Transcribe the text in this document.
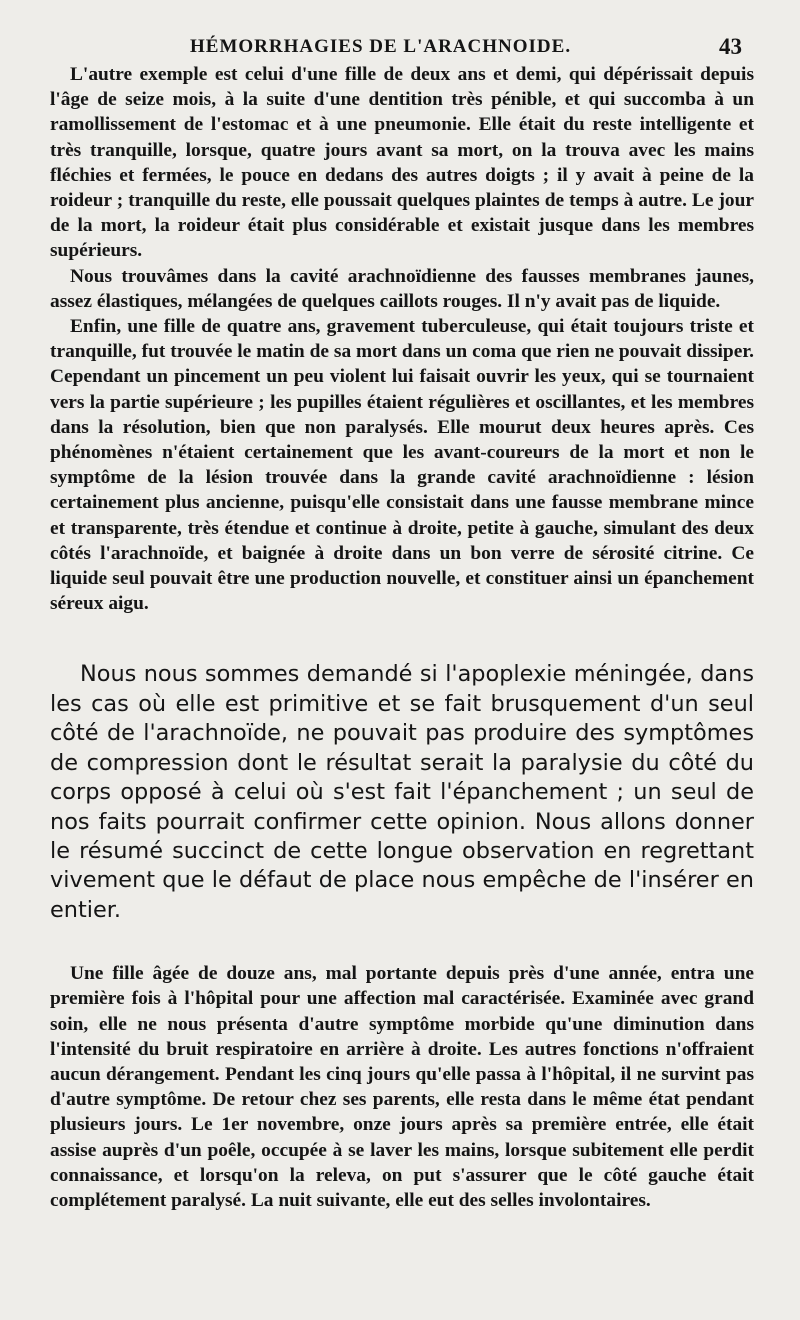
HÉMORRHAGIES DE L'ARACHNOIDE.	43

L'autre exemple est celui d'une fille de deux ans et demi, qui dépérissait depuis l'âge de seize mois, à la suite d'une dentition très pénible, et qui succomba à un ramollissement de l'estomac et à une pneumonie. Elle était du reste intelligente et très tranquille, lorsque, quatre jours avant sa mort, on la trouva avec les mains fléchies et fermées, le pouce en dedans des autres doigts ; il y avait à peine de la roideur ; tranquille du reste, elle poussait quelques plaintes de temps à autre. Le jour de la mort, la roideur était plus considérable et existait jusque dans les membres supérieurs.

Nous trouvâmes dans la cavité arachnoïdienne des fausses membranes jaunes, assez élastiques, mélangées de quelques caillots rouges. Il n'y avait pas de liquide.

Enfin, une fille de quatre ans, gravement tuberculeuse, qui était toujours triste et tranquille, fut trouvée le matin de sa mort dans un coma que rien ne pouvait dissiper. Cependant un pincement un peu violent lui faisait ouvrir les yeux, qui se tournaient vers la partie supérieure ; les pupilles étaient régulières et oscillantes, et les membres dans la résolution, bien que non paralysés. Elle mourut deux heures après. Ces phénomènes n'étaient certainement que les avant-coureurs de la mort et non le symptôme de la lésion trouvée dans la grande cavité arachnoïdienne : lésion certainement plus ancienne, puisqu'elle consistait dans une fausse membrane mince et transparente, très étendue et continue à droite, petite à gauche, simulant des deux côtés l'arachnoïde, et baignée à droite dans un bon verre de sérosité citrine. Ce liquide seul pouvait être une production nouvelle, et constituer ainsi un épanchement séreux aigu.

Nous nous sommes demandé si l'apoplexie méningée, dans les cas où elle est primitive et se fait brusquement d'un seul côté de l'arachnoïde, ne pouvait pas produire des symptômes de compression dont le résultat serait la paralysie du côté du corps opposé à celui où s'est fait l'épanchement ; un seul de nos faits pourrait confirmer cette opinion. Nous allons donner le résumé succinct de cette longue observation en regrettant vivement que le défaut de place nous empêche de l'insérer en entier.

Une fille âgée de douze ans, mal portante depuis près d'une année, entra une première fois à l'hôpital pour une affection mal caractérisée. Examinée avec grand soin, elle ne nous présenta d'autre symptôme morbide qu'une diminution dans l'intensité du bruit respiratoire en arrière à droite. Les autres fonctions n'offraient aucun dérangement. Pendant les cinq jours qu'elle passa à l'hôpital, il ne survint pas d'autre symptôme. De retour chez ses parents, elle resta dans le même état pendant plusieurs jours. Le 1er novembre, onze jours après sa première entrée, elle était assise auprès d'un poêle, occupée à se laver les mains, lorsque subitement elle perdit connaissance, et lorsqu'on la releva, on put s'assurer que le côté gauche était complétement paralysé. La nuit suivante, elle eut des selles involontaires.
